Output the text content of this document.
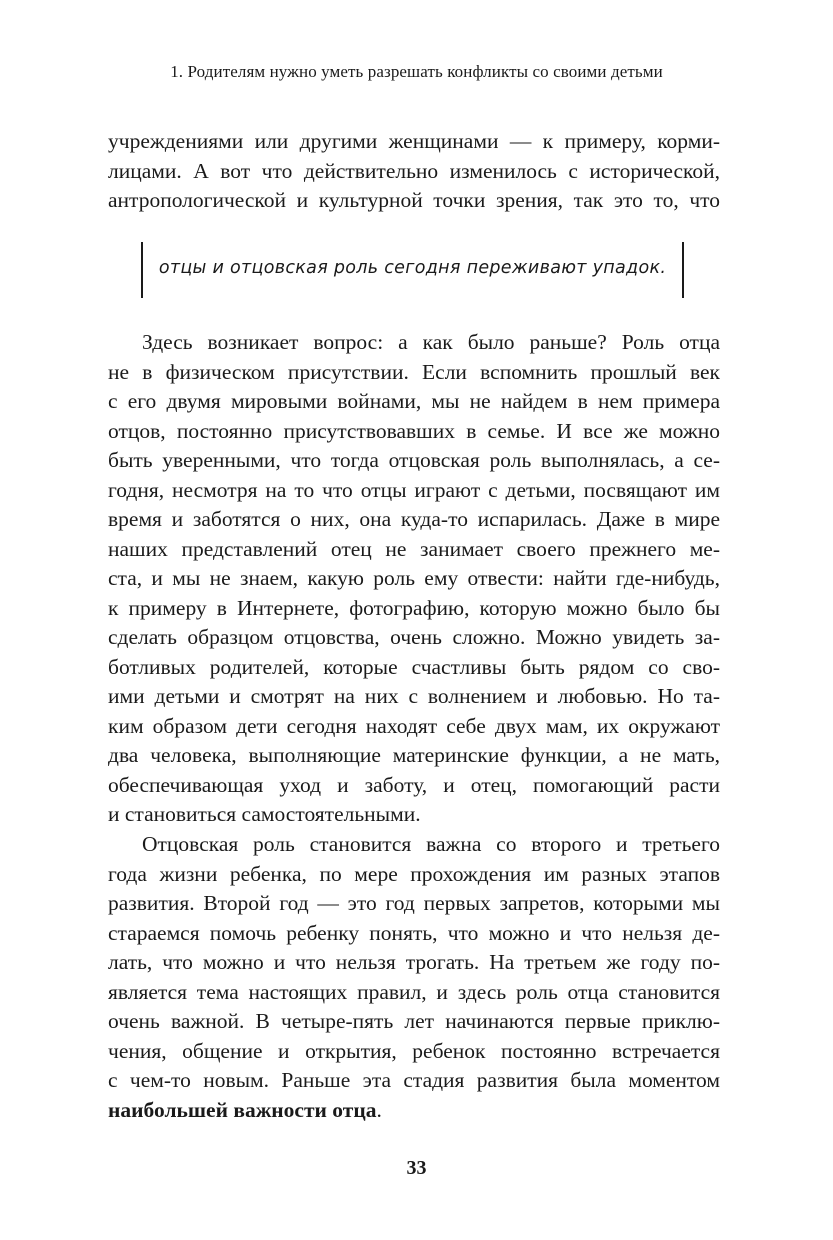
1. Родителям нужно уметь разрешать конфликты со своими детьми
учреждениями или другими женщинами — к примеру, корми-
лицами. А вот что действительно изменилось с исторической,
антропологической и культурной точки зрения, так это то, что
отцы и отцовская роль сегодня переживают упадок.
Здесь возникает вопрос: а как было раньше? Роль отца
не в физическом присутствии. Если вспомнить прошлый век
с его двумя мировыми войнами, мы не найдем в нем примера
отцов, постоянно присутствовавших в семье. И все же можно
быть уверенными, что тогда отцовская роль выполнялась, а се-
годня, несмотря на то что отцы играют с детьми, посвящают им
время и заботятся о них, она куда-то испарилась. Даже в мире
наших представлений отец не занимает своего прежнего ме-
ста, и мы не знаем, какую роль ему отвести: найти где-нибудь,
к примеру в Интернете, фотографию, которую можно было бы
сделать образцом отцовства, очень сложно. Можно увидеть за-
ботливых родителей, которые счастливы быть рядом со сво-
ими детьми и смотрят на них с волнением и любовью. Но та-
ким образом дети сегодня находят себе двух мам, их окружают
два человека, выполняющие материнские функции, а не мать,
обеспечивающая уход и заботу, и отец, помогающий расти
и становиться самостоятельными.
Отцовская роль становится важна со второго и третьего
года жизни ребенка, по мере прохождения им разных этапов
развития. Второй год — это год первых запретов, которыми мы
стараемся помочь ребенку понять, что можно и что нельзя де-
лать, что можно и что нельзя трогать. На третьем же году по-
является тема настоящих правил, и здесь роль отца становится
очень важной. В четыре-пять лет начинаются первые приклю-
чения, общение и открытия, ребенок постоянно встречается
с чем-то новым. Раньше эта стадия развития была моментом
наибольшей важности отца.
33
